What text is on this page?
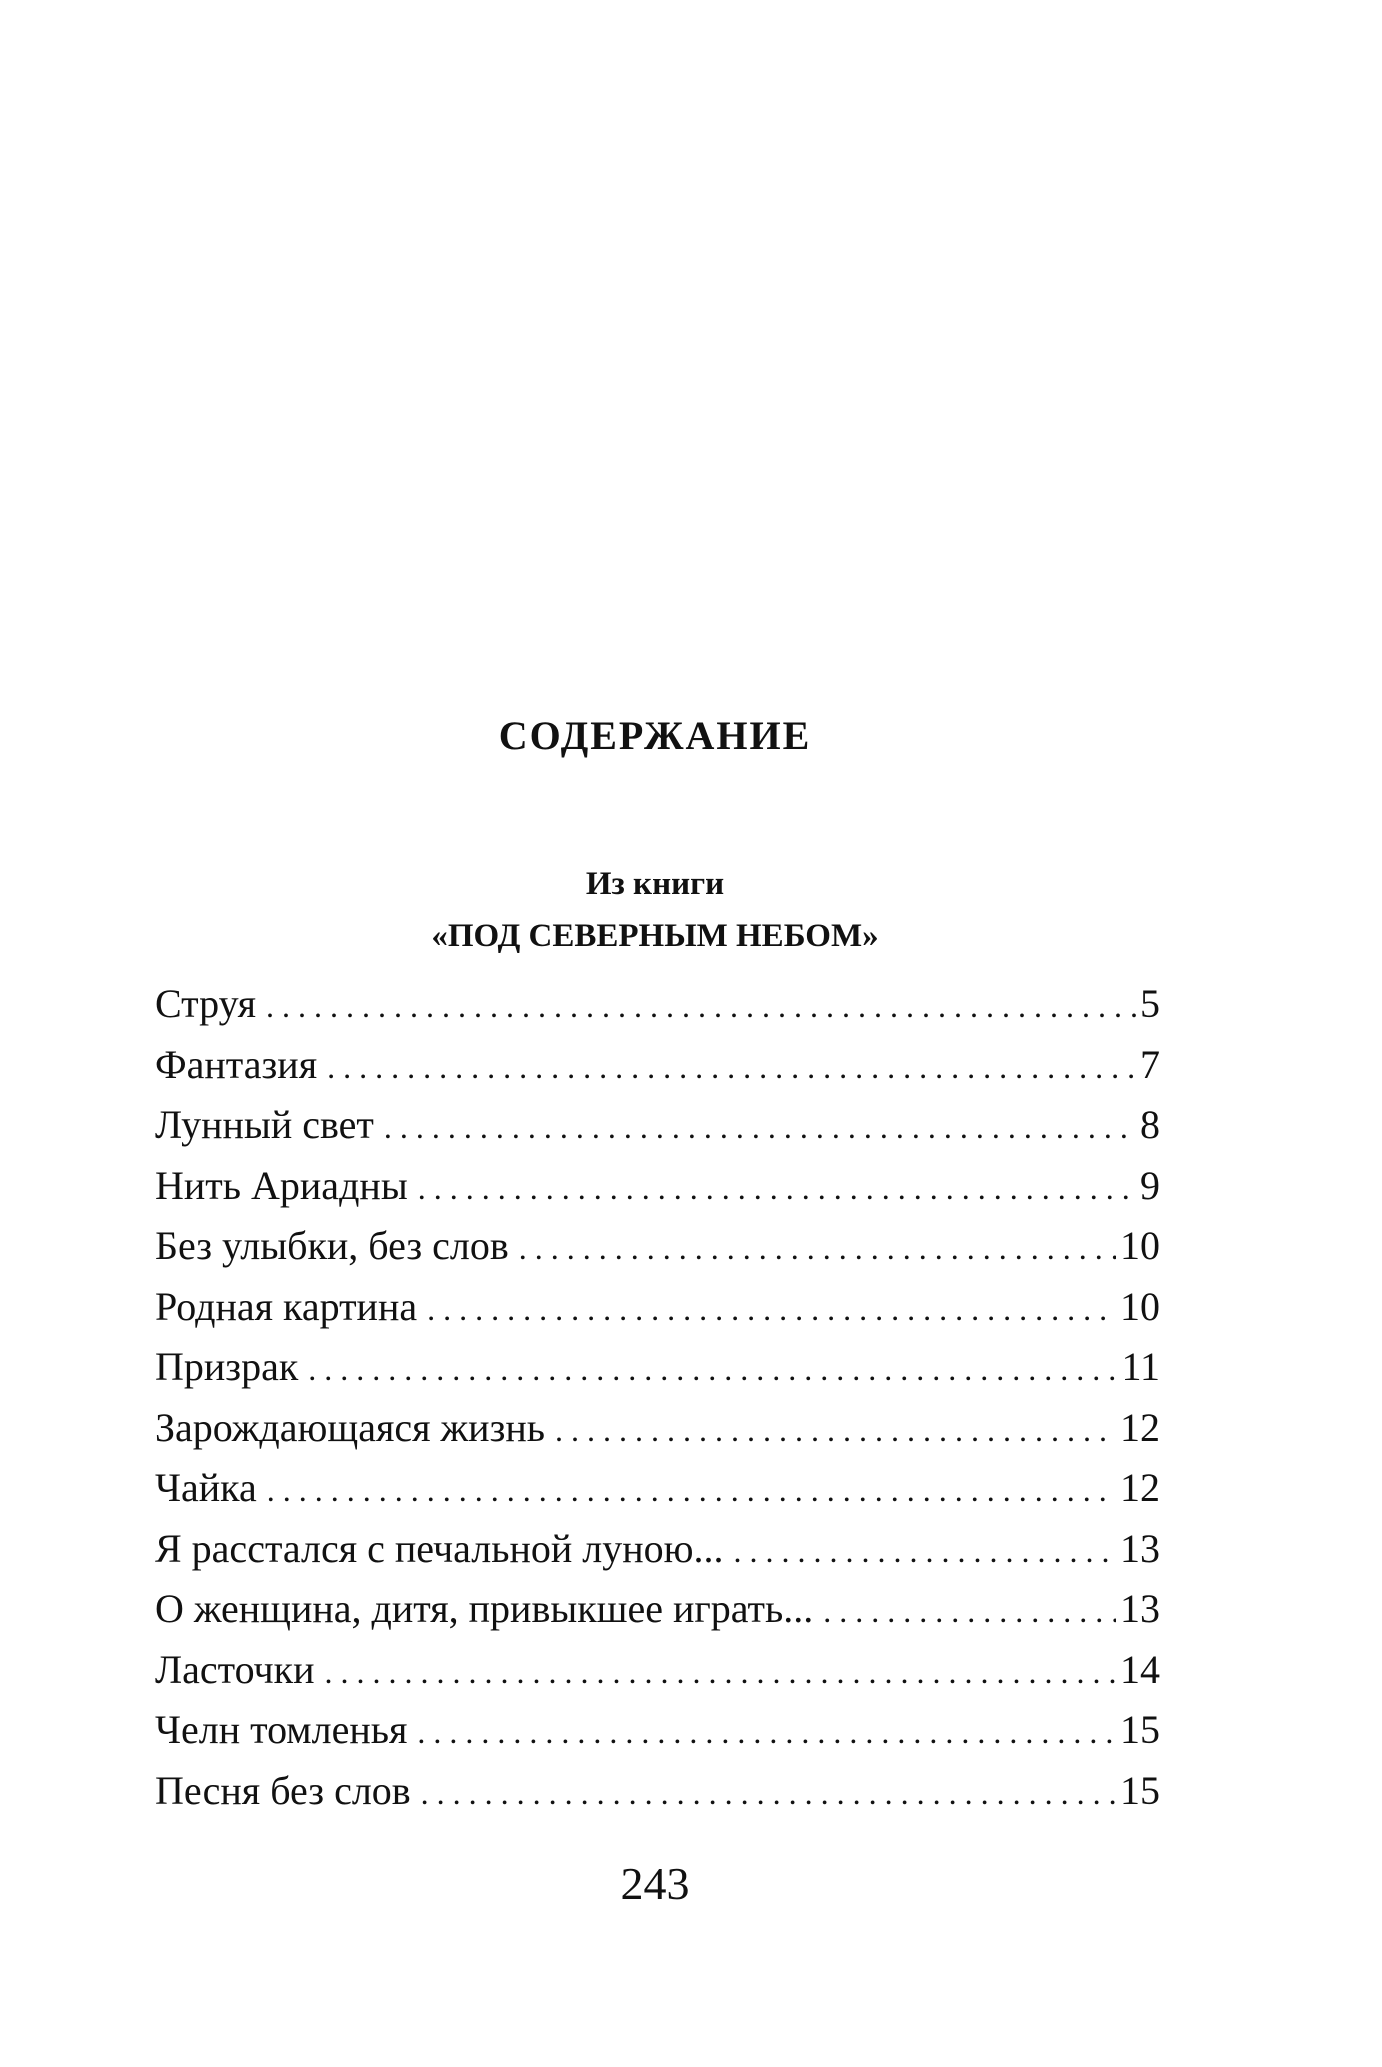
СОДЕРЖАНИЕ
Из книги
«ПОД СЕВЕРНЫМ НЕБОМ»
Струя . . .	5
Фантазия . . .	7
Лунный свет . . .	8
Нить Ариадны . . .	9
Без улыбки, без слов . . .	10
Родная картина . . .	10
Призрак . . .	11
Зарождающаяся жизнь . . .	12
Чайка . . .	12
Я расстался с печальной луною... . . .	13
О женщина, дитя, привыкшее играть... . . .	13
Ласточки . . .	14
Челн томленья . . .	15
Песня без слов . . .	15
243
